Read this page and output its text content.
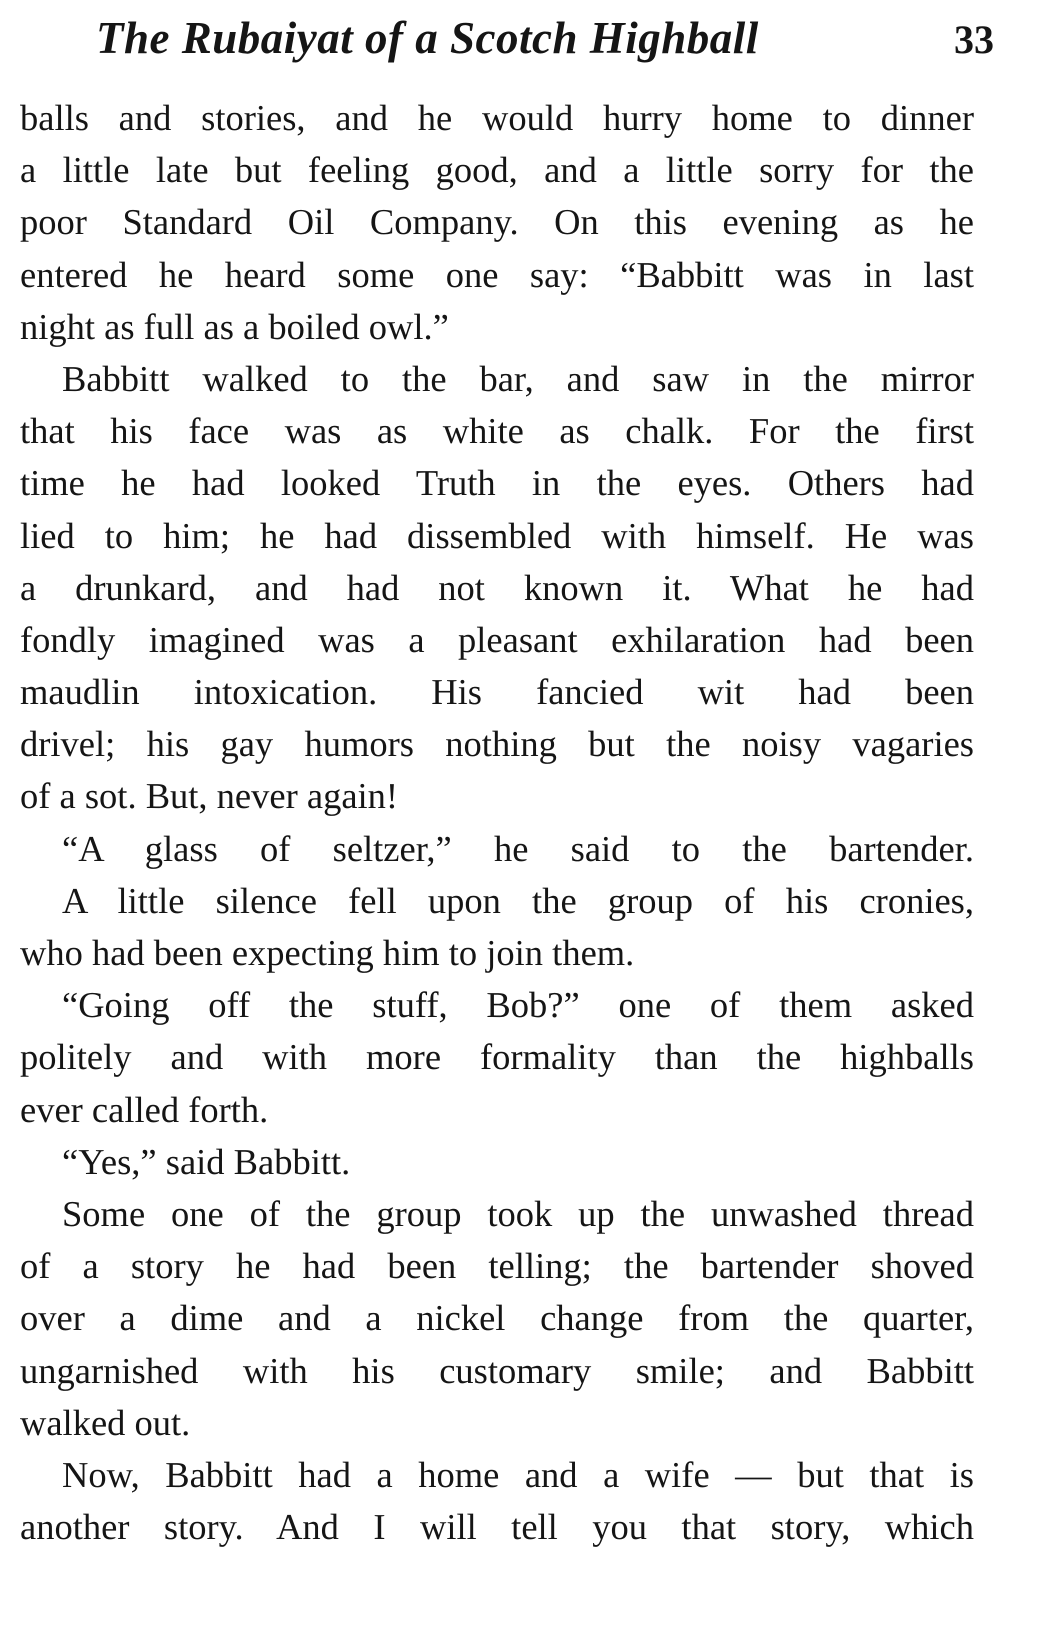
The Rubaiyat of a Scotch Highball	33
balls and stories, and he would hurry home to dinner
a little late but feeling good, and a little sorry for the
poor Standard Oil Company. On this evening as he
entered he heard some one say: “Babbitt was in last
night as full as a boiled owl.”
Babbitt walked to the bar, and saw in the mirror
that his face was as white as chalk. For the first
time he had looked Truth in the eyes. Others had
lied to him; he had dissembled with himself. He was
a drunkard, and had not known it. What he had
fondly imagined was a pleasant exhilaration had been
maudlin intoxication. His fancied wit had been
drivel; his gay humors nothing but the noisy vagaries
of a sot. But, never again!
“A glass of seltzer,” he said to the bartender.
A little silence fell upon the group of his cronies,
who had been expecting him to join them.
“Going off the stuff, Bob?” one of them asked
politely and with more formality than the highballs
ever called forth.
“Yes,” said Babbitt.
Some one of the group took up the unwashed thread
of a story he had been telling; the bartender shoved
over a dime and a nickel change from the quarter,
ungarnished with his customary smile; and Babbitt
walked out.
Now, Babbitt had a home and a wife — but that is
another story. And I will tell you that story, which
